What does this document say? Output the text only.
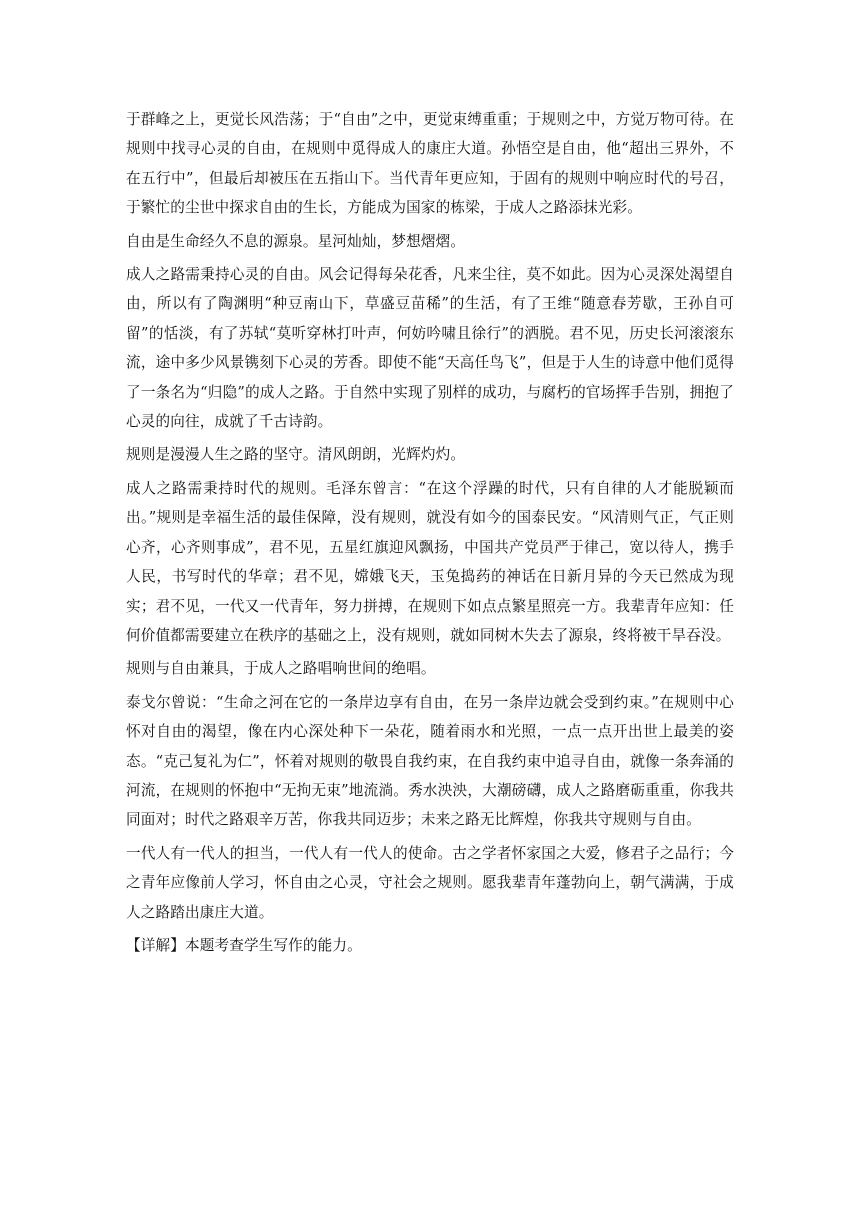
于群峰之上，更觉长风浩荡；于“自由”之中，更觉束缚重重；于规则之中，方觉万物可待。在规则中找寻心灵的自由，在规则中觅得成人的康庄大道。孙悟空是自由，他“超出三界外，不在五行中”，但最后却被压在五指山下。当代青年更应知，于固有的规则中响应时代的号召，于繁忙的尘世中探求自由的生长，方能成为国家的栋梁，于成人之路添抹光彩。

自由是生命经久不息的源泉。星河灿灿，梦想熠熠。

成人之路需秉持心灵的自由。风会记得每朵花香，凡来尘往，莫不如此。因为心灵深处渴望自由，所以有了陶渊明“种豆南山下，草盛豆苗稀”的生活，有了王维“随意春芳歇，王孙自可留”的恬淡，有了苏轼“莫听穿林打叶声，何妨吟啸且徐行”的洒脱。君不见，历史长河滚滚东流，途中多少风景镌刻下心灵的芳香。即使不能“天高任鸟飞”，但是于人生的诗意中他们觅得了一条名为“归隐”的成人之路。于自然中实现了别样的成功，与腐朽的官场挥手告别，拥抱了心灵的向往，成就了千古诗韵。

规则是漫漫人生之路的坚守。清风朗朗，光辉灼灼。

成人之路需秉持时代的规则。毛泽东曾言：“在这个浮躁的时代，只有自律的人才能脱颖而出。”规则是幸福生活的最佳保障，没有规则，就没有如今的国泰民安。“风清则气正，气正则心齐，心齐则事成”，君不见，五星红旗迎风飘扬，中国共产党员严于律己，宽以待人，携手人民，书写时代的华章；君不见，嫦娥飞天，玉兔捣药的神话在日新月异的今天已然成为现实；君不见，一代又一代青年，努力拼搏，在规则下如点点繁星照亮一方。我辈青年应知：任何价值都需要建立在秩序的基础之上，没有规则，就如同树木失去了源泉，终将被干旱吞没。

规则与自由兼具，于成人之路唱响世间的绝唱。

泰戈尔曾说：“生命之河在它的一条岸边享有自由，在另一条岸边就会受到约束。”在规则中心怀对自由的渴望，像在内心深处种下一朵花，随着雨水和光照，一点一点开出世上最美的姿态。“克己复礼为仁”，怀着对规则的敬畏自我约束，在自我约束中追寻自由，就像一条奔涌的河流，在规则的怀抱中“无拘无束”地流淌。秀水泱泱，大潮磅礴，成人之路磨砺重重，你我共同面对；时代之路艰辛万苦，你我共同迈步；未来之路无比辉煌，你我共守规则与自由。

一代人有一代人的担当，一代人有一代人的使命。古之学者怀家国之大爱，修君子之品行；今之青年应像前人学习，怀自由之心灵，守社会之规则。愿我辈青年蓬勃向上，朝气满满，于成人之路踏出康庄大道。

【详解】本题考查学生写作的能力。
